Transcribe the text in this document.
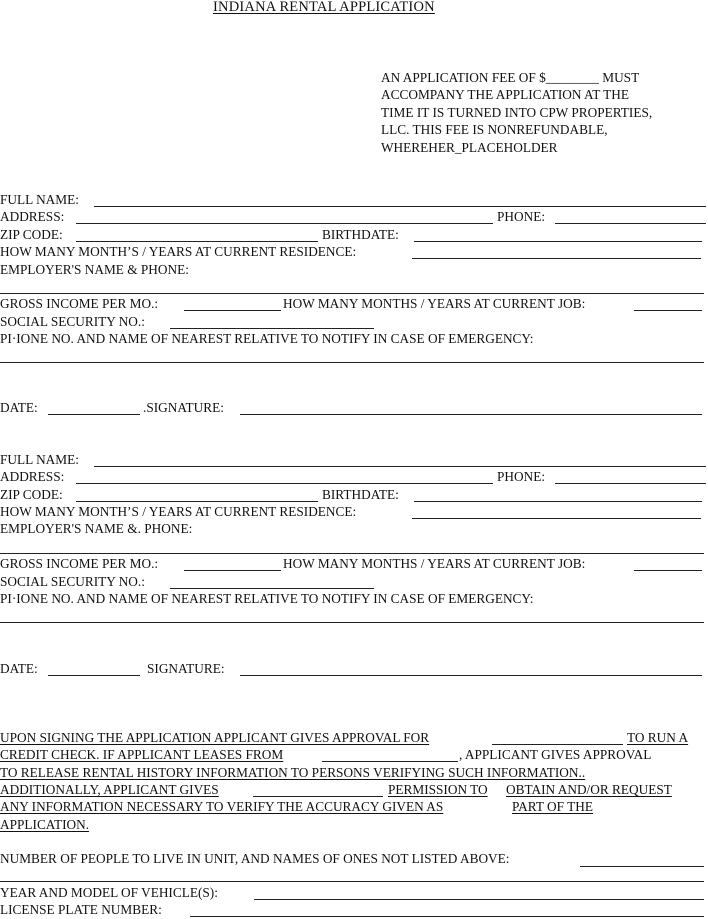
INDIANA RENTAL APPLICATION
AN APPLICATION FEE OF $________ MUST
ACCOMPANY THE APPLICATION AT THE
TIME IT IS TURNED INTO CPW PROPERTIES,
LLC. THIS FEE IS NONREFUNDABLE,
WHEREHER_PLACEHOLDER
FULL NAME:
ADDRESS:	PHONE:
ZIP CODE:	BIRTHDATE:
HOW MANY MONTH’S / YEARS AT CURRENT RESIDENCE:
EMPLOYER'S NAME & PHONE:
GROSS INCOME PER MO.:	HOW MANY MONTHS / YEARS AT CURRENT JOB:
SOCIAL SECURITY NO.:
PI·IONE NO. AND NAME OF NEAREST RELATIVE TO NOTIFY IN CASE OF EMERGENCY:
DATE:	.SIGNATURE:
FULL NAME:
ADDRESS:	PHONE:
ZIP CODE:	BIRTHDATE:
HOW MANY MONTH’S / YEARS AT CURRENT RESIDENCE:
EMPLOYER'S NAME &. PHONE:
GROSS INCOME PER MO.:	HOW MANY MONTHS / YEARS AT CURRENT JOB:
SOCIAL SECURITY NO.:
PI·IONE NO. AND NAME OF NEAREST RELATIVE TO NOTIFY IN CASE OF EMERGENCY:
DATE:	SIGNATURE:
UPON SIGNING THE APPLICATION APPLICANT GIVES APPROVAL FOR	TO RUN A
CREDIT CHECK. IF APPLICANT LEASES FROM	, APPLICANT GIVES APPROVAL
TO RELEASE RENTAL HISTORY INFORMATION TO PERSONS VERIFYING SUCH INFORMATION..
ADDITIONALLY, APPLICANT GIVES	PERMISSION TO OBTAIN AND/OR REQUEST
ANY INFORMATION NECESSARY TO VERIFY THE ACCURACY GIVEN AS	PART OF THE
APPLICATION.
NUMBER OF PEOPLE TO LIVE IN UNIT, AND NAMES OF ONES NOT LISTED ABOVE:
YEAR AND MODEL OF VEHICLE(S):
LICENSE PLATE NUMBER:
